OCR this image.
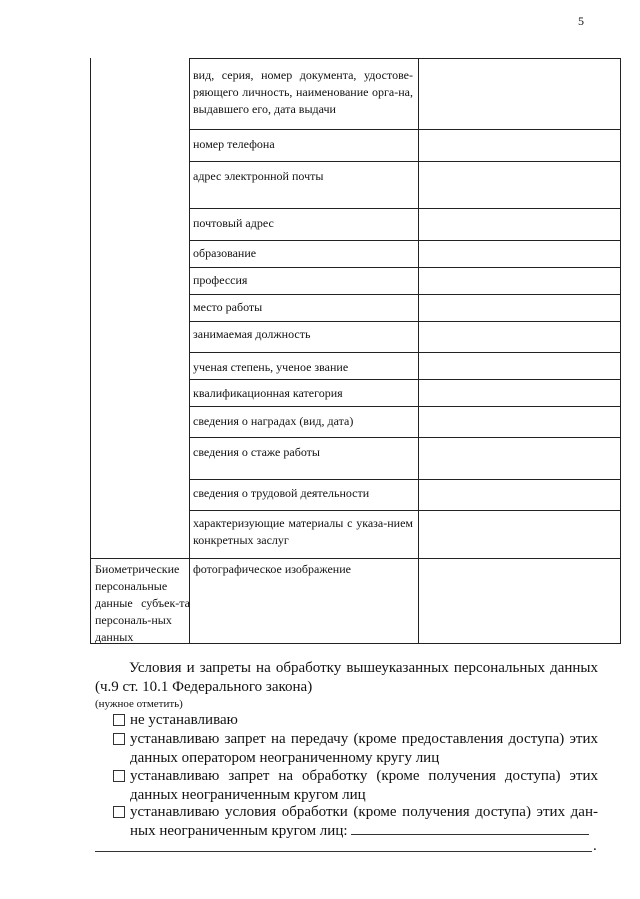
5
вид, серия, номер документа, удостове-ряющего личность, наименование орга-на, выдавшего его, дата выдачи
номер телефона
адрес электронной почты
почтовый адрес
образование
профессия
место работы
занимаемая должность
ученая степень, ученое звание
квалификационная категория
сведения о наградах (вид, дата)
сведения о стаже работы
сведения о трудовой деятельности
характеризующие материалы с указа-нием конкретных заслуг
фотографическое изображение
Биометрические персональные данные субъек-та персональ-ных данных

Условия и запреты на обработку вышеуказанных персональных данных (ч.9 ст. 10.1 Федерального закона)

(нужное отметить)

не устанавливаю
устанавливаю запрет на передачу (кроме предоставления доступа) этих данных оператором неограниченному кругу лиц
устанавливаю запрет на обработку (кроме получения доступа) этих данных неограниченным кругом лиц
устанавливаю условия обработки (кроме получения доступа) этих дан-ных неограниченным кругом лиц:
.
